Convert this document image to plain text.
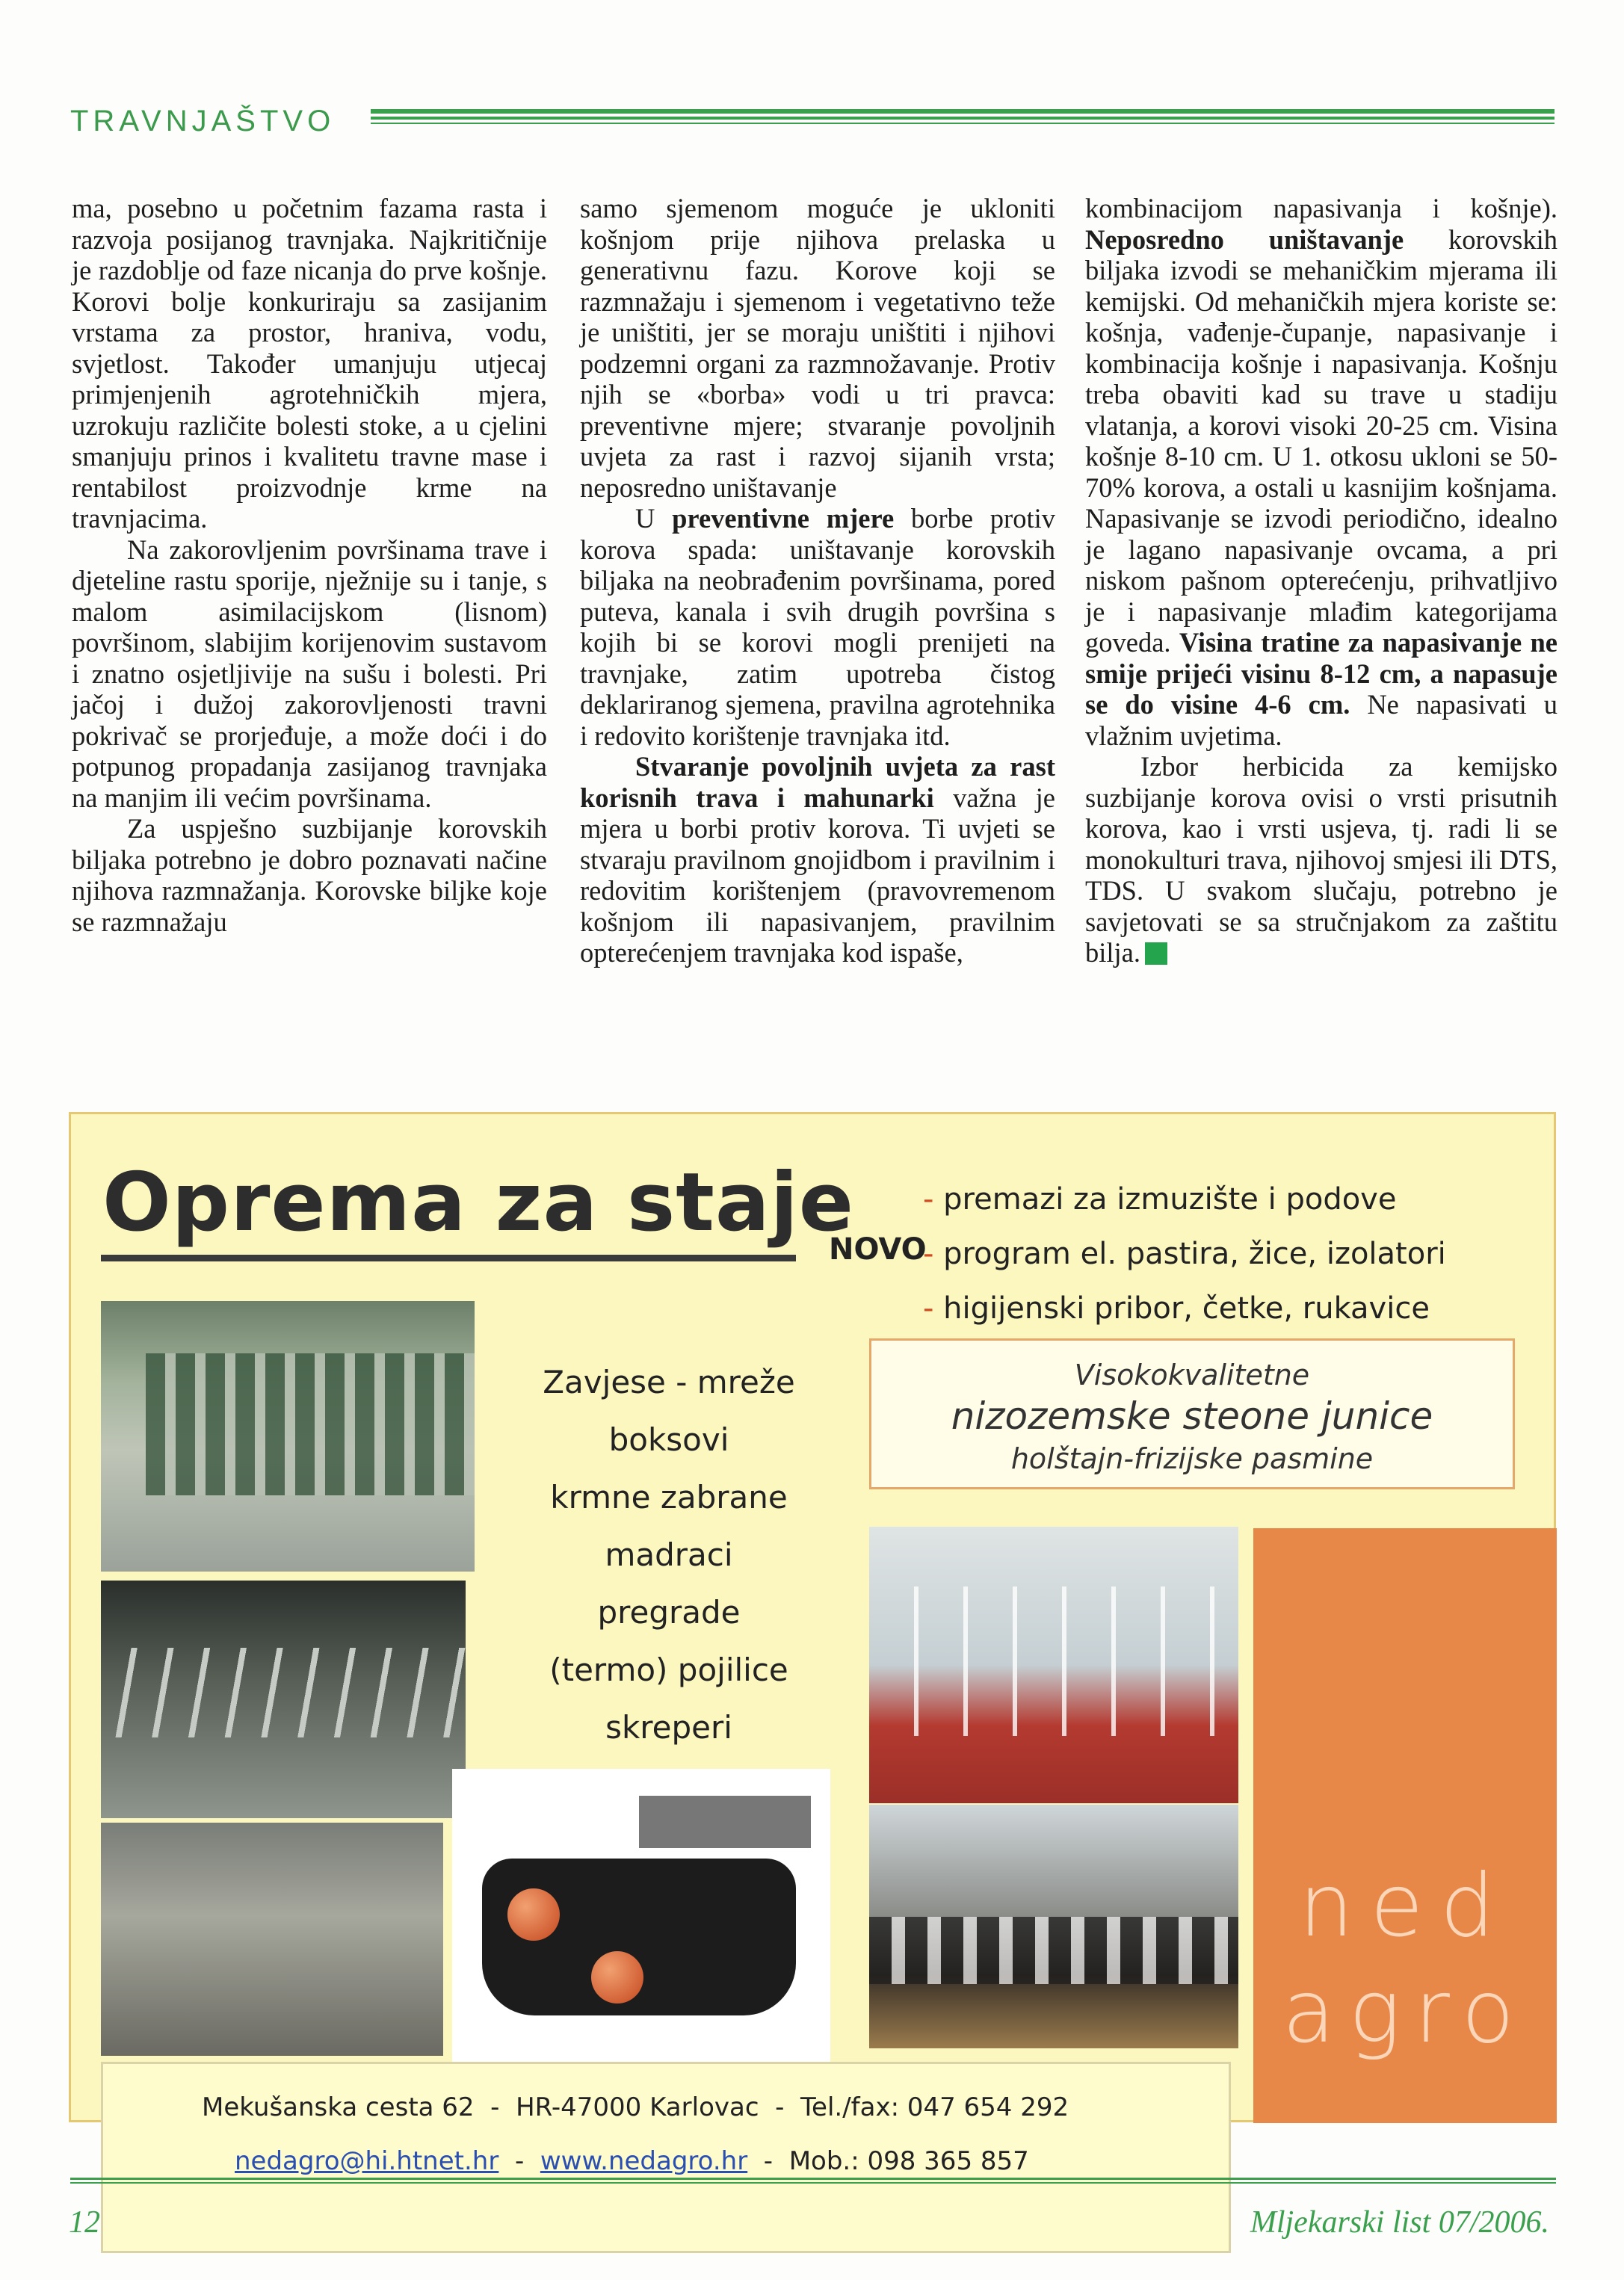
TRAVNJAŠTVO

ma, posebno u početnim fazama rasta i razvoja posijanog travnjaka. Najkritičnije je razdoblje od faze nicanja do prve košnje. Korovi bolje konkuriraju sa zasijanim vrstama za prostor, hraniva, vodu, svjetlost. Također umanjuju utjecaj primjenjenih agrotehničkih mjera, uzrokuju različite bolesti stoke, a u cjelini smanjuju prinos i kvalitetu travne mase i rentabilost proizvodnje krme na travnjacima.

Na zakorovljenim površinama trave i djeteline rastu sporije, nježnije su i tanje, s malom asimilacijskom (lisnom) površinom, slabijim korijenovim sustavom i znatno osjetljivije na sušu i bolesti. Pri jačoj i dužoj zakorovljenosti travni pokrivač se prorjeđuje, a može doći i do potpunog propadanja zasijanog travnjaka na manjim ili većim površinama.

Za uspješno suzbijanje korovskih biljaka potrebno je dobro poznavati načine njihova razmnažanja. Korovske biljke koje se razmnažaju

samo sjemenom moguće je ukloniti košnjom prije njihova prelaska u generativnu fazu. Korove koji se razmnažaju i sjemenom i vegetativno teže je uništiti, jer se moraju uništiti i njihovi podzemni organi za razmnožavanje. Protiv njih se «borba» vodi u tri pravca: preventivne mjere; stvaranje povoljnih uvjeta za rast i razvoj sijanih vrsta; neposredno uništavanje

U preventivne mjere borbe protiv korova spada: uništavanje korovskih biljaka na neobrađenim površinama, pored puteva, kanala i svih drugih površina s kojih bi se korovi mogli prenijeti na travnjake, zatim upotreba čistog deklariranog sjemena, pravilna agrotehnika i redovito korištenje travnjaka itd.

Stvaranje povoljnih uvjeta za rast korisnih trava i mahunarki važna je mjera u borbi protiv korova. Ti uvjeti se stvaraju pravilnom gnojidbom i pravilnim i redovitim korištenjem (pravovremenom košnjom ili napasivanjem, pravilnim opterećenjem travnjaka kod ispaše,

kombinacijom napasivanja i košnje). Neposredno uništavanje korovskih biljaka izvodi se mehaničkim mjerama ili kemijski. Od mehaničkih mjera koriste se: košnja, vađenje-čupanje, napasivanje i kombinacija košnje i napasivanja. Košnju treba obaviti kad su trave u stadiju vlatanja, a korovi visoki 20-25 cm. Visina košnje 8-10 cm. U 1. otkosu ukloni se 50-70% korova, a ostali u kasnijim košnjama. Napasivanje se izvodi periodično, idealno je lagano napasivanje ovcama, a pri niskom pašnom opterećenju, prihvatljivo je i napasivanje mlađim kategorijama goveda. Visina tratine za napasivanje ne smije prijeći visinu 8-12 cm, a napasuje se do visine 4-6 cm. Ne napasivati u vlažnim uvjetima.

Izbor herbicida za kemijsko suzbijanje korova ovisi o vrsti prisutnih korova, kao i vrsti usjeva, tj. radi li se monokulturi trava, njihovoj smjesi ili DTS, TDS. U svakom slučaju, potrebno je savjetovati se sa stručnjakom za zaštitu bilja.

Oprema za staje
NOVO
- premazi za izmuzište i podove
- program el. pastira, žice, izolatori
- higijenski pribor, četke, rukavice
Zavjese - mreže
boksovi
krmne zabrane
madraci
pregrade
(termo) pojilice
skreperi
Visokokvalitetne
nizozemske steone junice
holštajn-frizijske pasmine
ned
agro
Mekušanska cesta 62  -  HR-47000 Karlovac  -  Tel./fax: 047 654 292
nedagro@hi.htnet.hr  -  www.nedagro.hr  -  Mob.: 098 365 857
12	Mljekarski list 07/2006.
